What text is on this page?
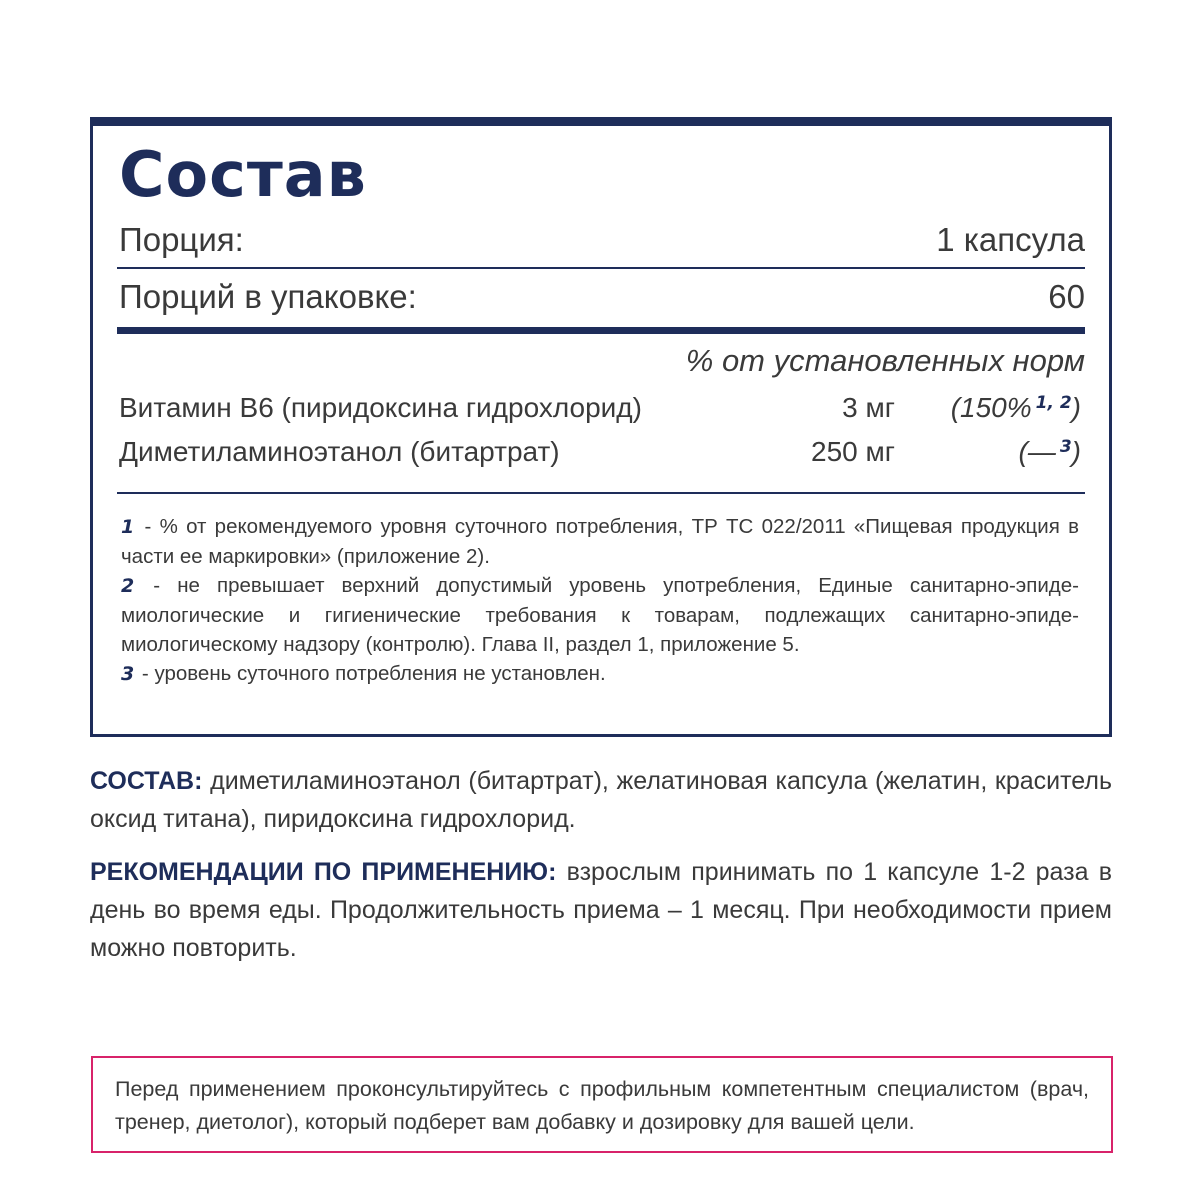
Состав
Порция:	1 капсула
Порций в упаковке:	60
% от установленных норм
Витамин В6 (пиридоксина гидрохлорид)	3 мг (150% $^{1, 2}$)
Диметиламиноэтанол (битартрат)	250 мг	(— $^3$)

1 - % от рекомендуемого уровня суточного потребления, ТР ТС 022/2011 «Пищевая продукция в части ее маркировки» (приложение 2).

2 - не превышает верхний допустимый уровень употребления, Единые санитарно-эпидемиологические и гигиенические требования к товарам, подлежащих санитарно-эпидемиологическому надзору (контролю). Глава II, раздел 1, приложение 5.

3 - уровень суточного потребления не установлен.

СОСТАВ: диметиламиноэтанол (битартрат), желатиновая капсула (желатин, краситель оксид титана), пиридоксина гидрохлорид.
РЕКОМЕНДАЦИИ ПО ПРИМЕНЕНИЮ: взрослым принимать по 1 капсуле 1-2 раза в день во время еды. Продолжительность приема – 1 месяц. При необходимости прием можно повторить.
Перед применением проконсультируйтесь с профильным компетентным специалистом (врач, тренер, диетолог), который подберет вам добавку и дозировку для вашей цели.
